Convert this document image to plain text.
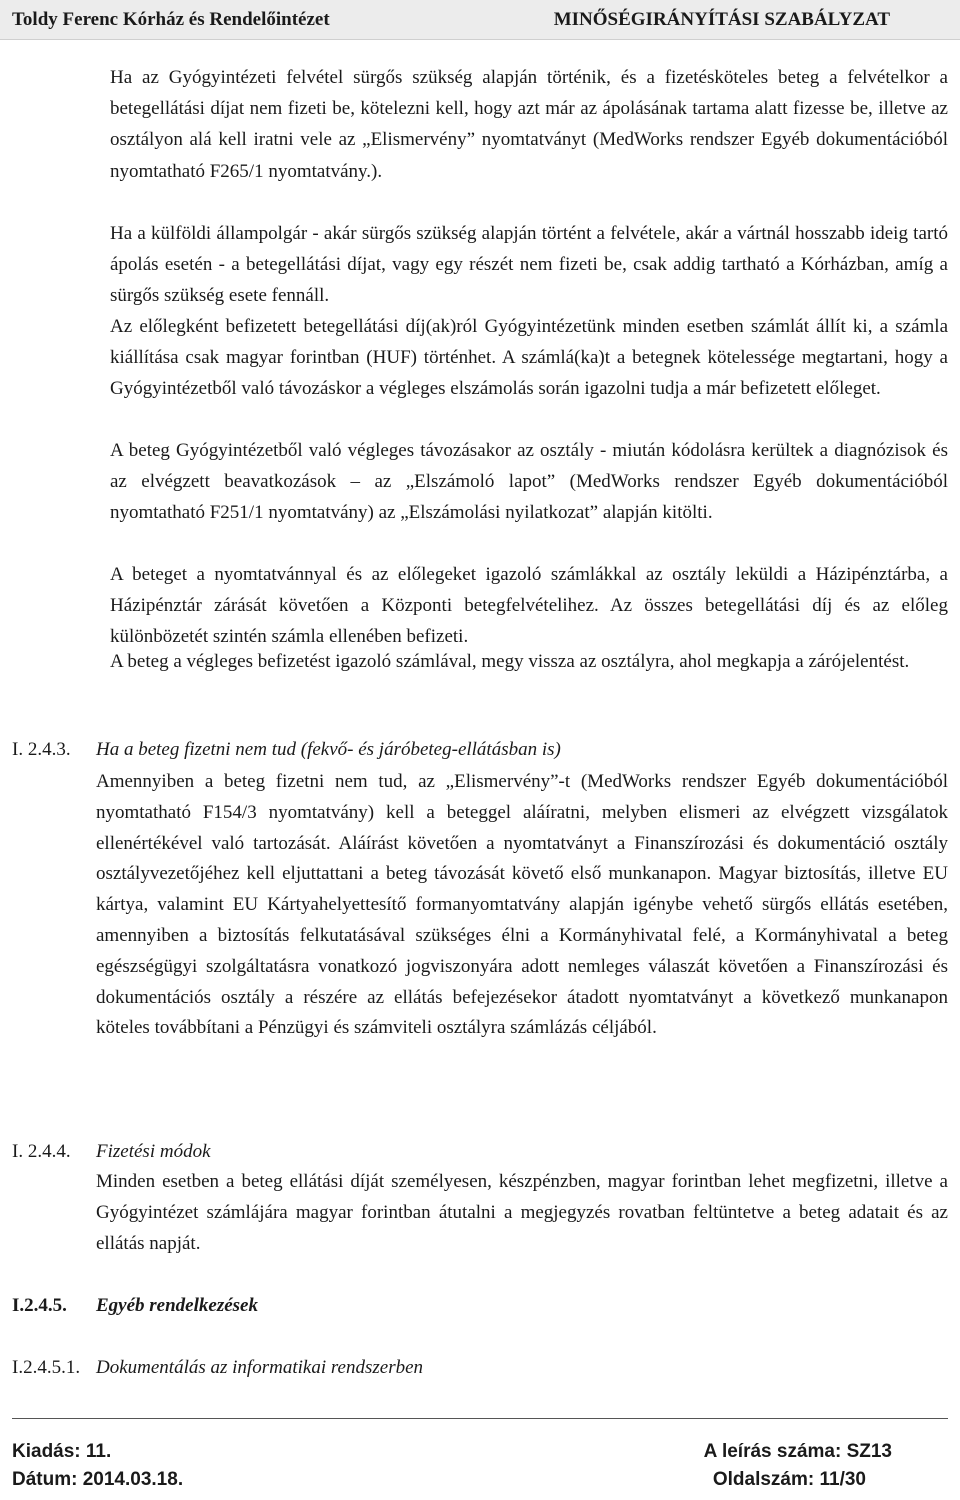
Toldy Ferenc Kórház és Rendelőintézet	MINŐSÉGIRÁNYÍTÁSI SZABÁLYZAT

Ha az Gyógyintézeti felvétel sürgős szükség alapján történik, és a fizetésköteles beteg a felvételkor a betegellátási díjat nem fizeti be, kötelezni kell, hogy azt már az ápolásának tartama alatt fizesse be, illetve az osztályon alá kell iratni vele az „Elismervény” nyomtatványt (MedWorks rendszer Egyéb dokumentációból nyomtatható F265/1 nyomtatvány.).

Ha a külföldi állampolgár - akár sürgős szükség alapján történt a felvétele, akár a vártnál hosszabb ideig tartó ápolás esetén - a betegellátási díjat, vagy egy részét nem fizeti be, csak addig tartható a Kórházban, amíg a sürgős szükség esete fennáll.

Az előlegként befizetett betegellátási díj(ak)ról Gyógyintézetünk minden esetben számlát állít ki, a számla kiállítása csak magyar forintban (HUF) történhet. A számlá(ka)t a betegnek kötelessége megtartani, hogy a Gyógyintézetből való távozáskor a végleges elszámolás során igazolni tudja a már befizetett előleget.

A beteg Gyógyintézetből való végleges távozásakor az osztály - miután kódolásra kerültek a diagnózisok és az elvégzett beavatkozások – az „Elszámoló lapot” (MedWorks rendszer Egyéb dokumentációból nyomtatható F251/1 nyomtatvány) az „Elszámolási nyilatkozat” alapján kitölti.

A beteget a nyomtatvánnyal és az előlegeket igazoló számlákkal az osztály leküldi a Házipénztárba, a Házipénztár zárását követően a Központi betegfelvételihez. Az összes betegellátási díj és az előleg különbözetét szintén számla ellenében befizeti.

A beteg a végleges befizetést igazoló számlával, megy vissza az osztályra, ahol megkapja a zárójelentést.

I. 2.4.3. Ha a beteg fizetni nem tud (fekvő- és járóbeteg-ellátásban is)

Amennyiben a beteg fizetni nem tud, az „Elismervény”-t (MedWorks rendszer Egyéb dokumentációból nyomtatható F154/3 nyomtatvány) kell a beteggel aláíratni, melyben elismeri az elvégzett vizsgálatok ellenértékével való tartozását. Aláírást követően a nyomtatványt a Finanszírozási és dokumentáció osztály osztályvezetőjéhez kell eljuttattani a beteg távozását követő első munkanapon. Magyar biztosítás, illetve EU kártya, valamint EU Kártyahelyettesítő formanyomtatvány alapján igénybe vehető sürgős ellátás esetében, amennyiben a biztosítás felkutatásával szükséges élni a Kormányhivatal felé, a Kormányhivatal a beteg egészségügyi szolgáltatásra vonatkozó jogviszonyára adott nemleges válaszát követően a Finanszírozási és dokumentációs osztály a részére az ellátás befejezésekor átadott nyomtatványt a következő munkanapon köteles továbbítani a Pénzügyi és számviteli osztályra számlázás céljából.

I. 2.4.4. Fizetési módok

Minden esetben a beteg ellátási díját személyesen, készpénzben, magyar forintban lehet megfizetni, illetve a Gyógyintézet számlájára magyar forintban átutalni a megjegyzés rovatban feltüntetve a beteg adatait és az ellátás napját.

I.2.4.5. Egyéb rendelkezések
I.2.4.5.1. Dokumentálás az informatikai rendszerben
Kiadás: 11.
Dátum: 2014.03.18.
A leírás száma: SZ13
Oldalszám: 11/30
